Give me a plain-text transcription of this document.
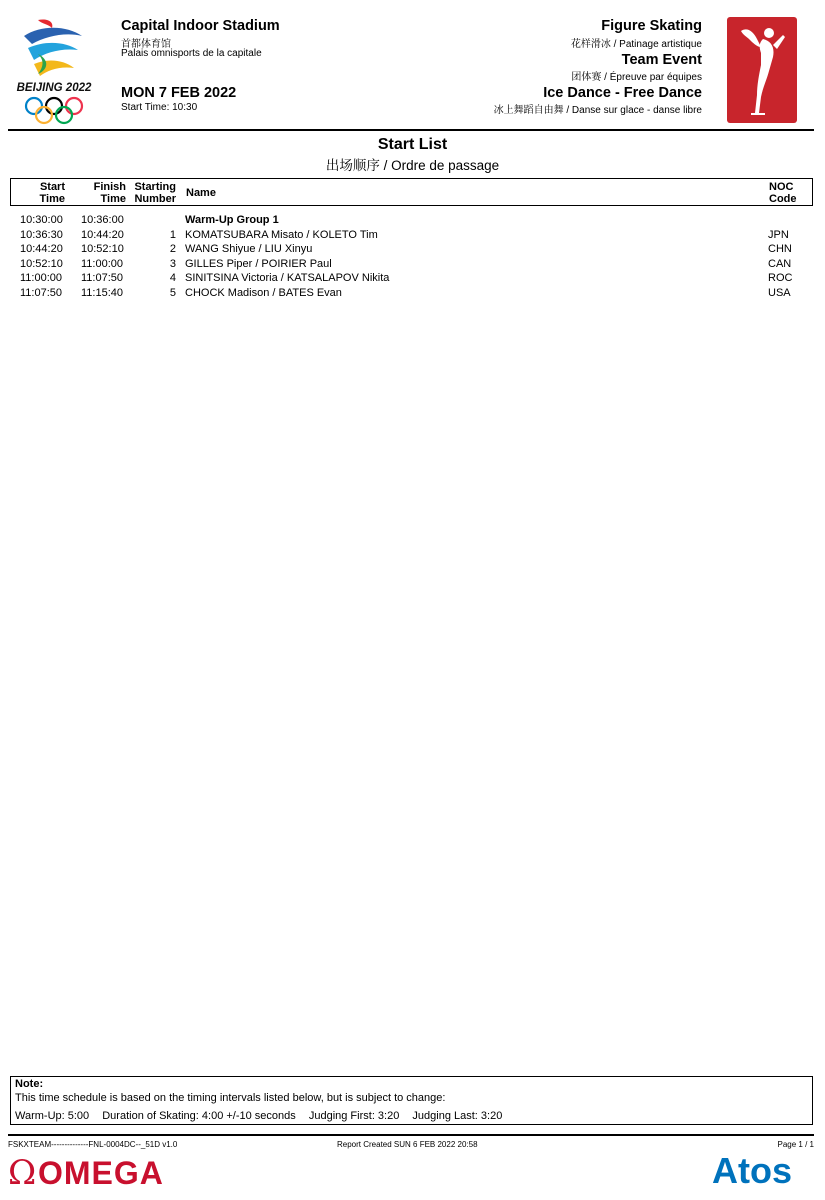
BEIJING 2022
Capital Indoor Stadium
首都体育馆
Palais omnisports de la capitale
MON 7 FEB 2022
Start Time: 10:30
Figure Skating
花样滑冰 / Patinage artistique
Team Event
团体赛 / Épreuve par équipes
Ice Dance - Free Dance
冰上舞蹈自由舞 / Danse sur glace - danse libre
Start List
出场顺序 / Ordre de passage
Start
Time
Finish
Time
Starting
Number Name	NOC
Code
10:30:00 10:36:00	Warm-Up Group 1
10:36:30 10:44:20	1 KOMATSUBARA Misato / KOLETO Tim	JPN
10:44:20 10:52:10	2 WANG Shiyue / LIU Xinyu	CHN
10:52:10 11:00:00	3 GILLES Piper / POIRIER Paul	CAN
11:00:00 11:07:50	4 SINITSINA Victoria / KATSALAPOV Nikita	ROC
11:07:50 11:15:40	5 CHOCK Madison / BATES Evan	USA
Note:
This time schedule is based on the timing intervals listed below, but is subject to change:
Warm-Up: 5:00 Duration of Skating: 4:00 +/-10 seconds Judging First: 3:20 Judging Last: 3:20
FSKXTEAM--------------FNL-0004DC--_51D v1.0	Report Created SUN 6 FEB 2022 20:58	Page 1 / 1
Ω OMEGA	Atos
